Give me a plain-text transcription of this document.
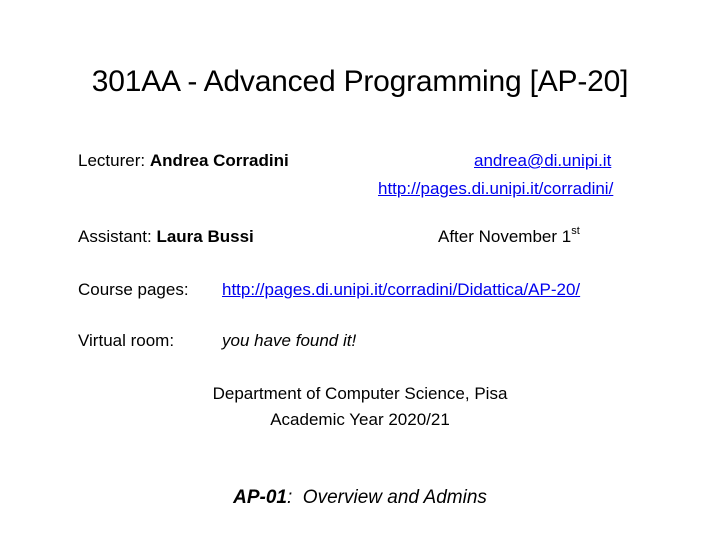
301AA - Advanced Programming [AP-20]
Lecturer: Andrea Corradini	andrea@di.unipi.it
http://pages.di.unipi.it/corradini/
Assistant: Laura Bussi	After November 1st
Course pages: http://pages.di.unipi.it/corradini/Didattica/AP-20/
Virtual room:	you have found it!
Department of Computer Science, Pisa
Academic Year 2020/21
AP-01:  Overview and Admins
